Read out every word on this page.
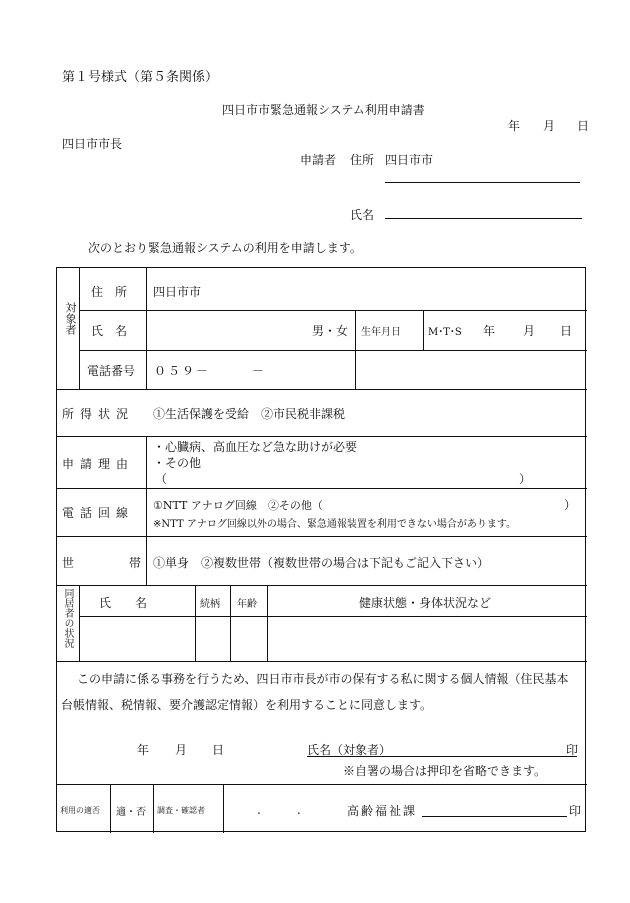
第１号様式（第５条関係）
四日市市緊急通報システム利用申請書
年 月 日
四日市市長
申請者 住所 四日市市
氏名
次のとおり緊急通報システムの利用を申請します。
対象者
住　所 四日市市
氏　名	男・女 生年月日	M･T･S 年 月 日
電話番号 ０５９－	－
所得状況 ①生活保護を受給　②市民税非課税
申請理由
・心臓病、高血圧など急な助けが必要
・その他
（	）
電話回線
①NTT アナログ回線　②その他（	）
※NTT アナログ回線以外の場合、緊急通報装置を利用できない場合があります。
世	帯 ①単身　②複数世帯（複数世帯の場合は下記もご記入下さい）
同居者の状況 氏　　名	続柄 年齢	健康状態・身体状況など
この申請に係る事務を行うため、四日市市長が市の保有する私に関する個人情報（住民基本
台帳情報、税情報、要介護認定情報）を利用することに同意します。
年 月 日	氏名（対象者）	印
※自署の場合は押印を省略できます。
利用の適否 適・否 調査・確認者	.　　　.	高齢福祉課	印
